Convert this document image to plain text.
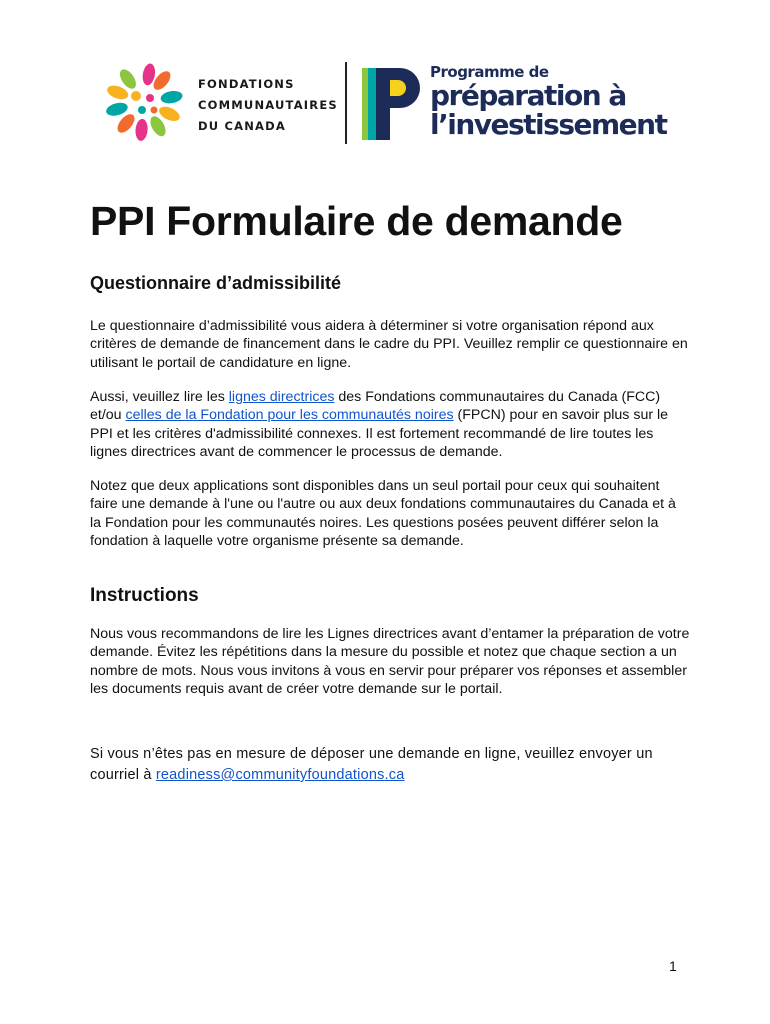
FONDATIONS
COMMUNAUTAIRES
DU CANADA
Programme de
préparation à
l’investissement
PPI Formulaire de demande
Questionnaire d’admissibilité

Le questionnaire d’admissibilité vous aidera à déterminer si votre organisation répond aux critères de demande de financement dans le cadre du PPI. Veuillez remplir ce questionnaire en utilisant le portail de candidature en ligne.

Aussi, veuillez lire les lignes directrices des Fondations communautaires du Canada (FCC) et/ou celles de la Fondation pour les communautés noires (FPCN) pour en savoir plus sur le PPI et les critères d'admissibilité connexes. Il est fortement recommandé de lire toutes les lignes directrices avant de commencer le processus de demande.

Notez que deux applications sont disponibles dans un seul portail pour ceux qui souhaitent faire une demande à l'une ou l'autre ou aux deux fondations communautaires du Canada et à la Fondation pour les communautés noires. Les questions posées peuvent différer selon la fondation à laquelle votre organisme présente sa demande.

Instructions

Nous vous recommandons de lire les Lignes directrices avant d’entamer la préparation de votre demande. Évitez les répétitions dans la mesure du possible et notez que chaque section a un nombre de mots. Nous vous invitons à vous en servir pour préparer vos réponses et assembler les documents requis avant de créer votre demande sur le portail.

Si vous n’êtes pas en mesure de déposer une demande en ligne, veuillez envoyer un courriel à readiness@communityfoundations.ca

1
